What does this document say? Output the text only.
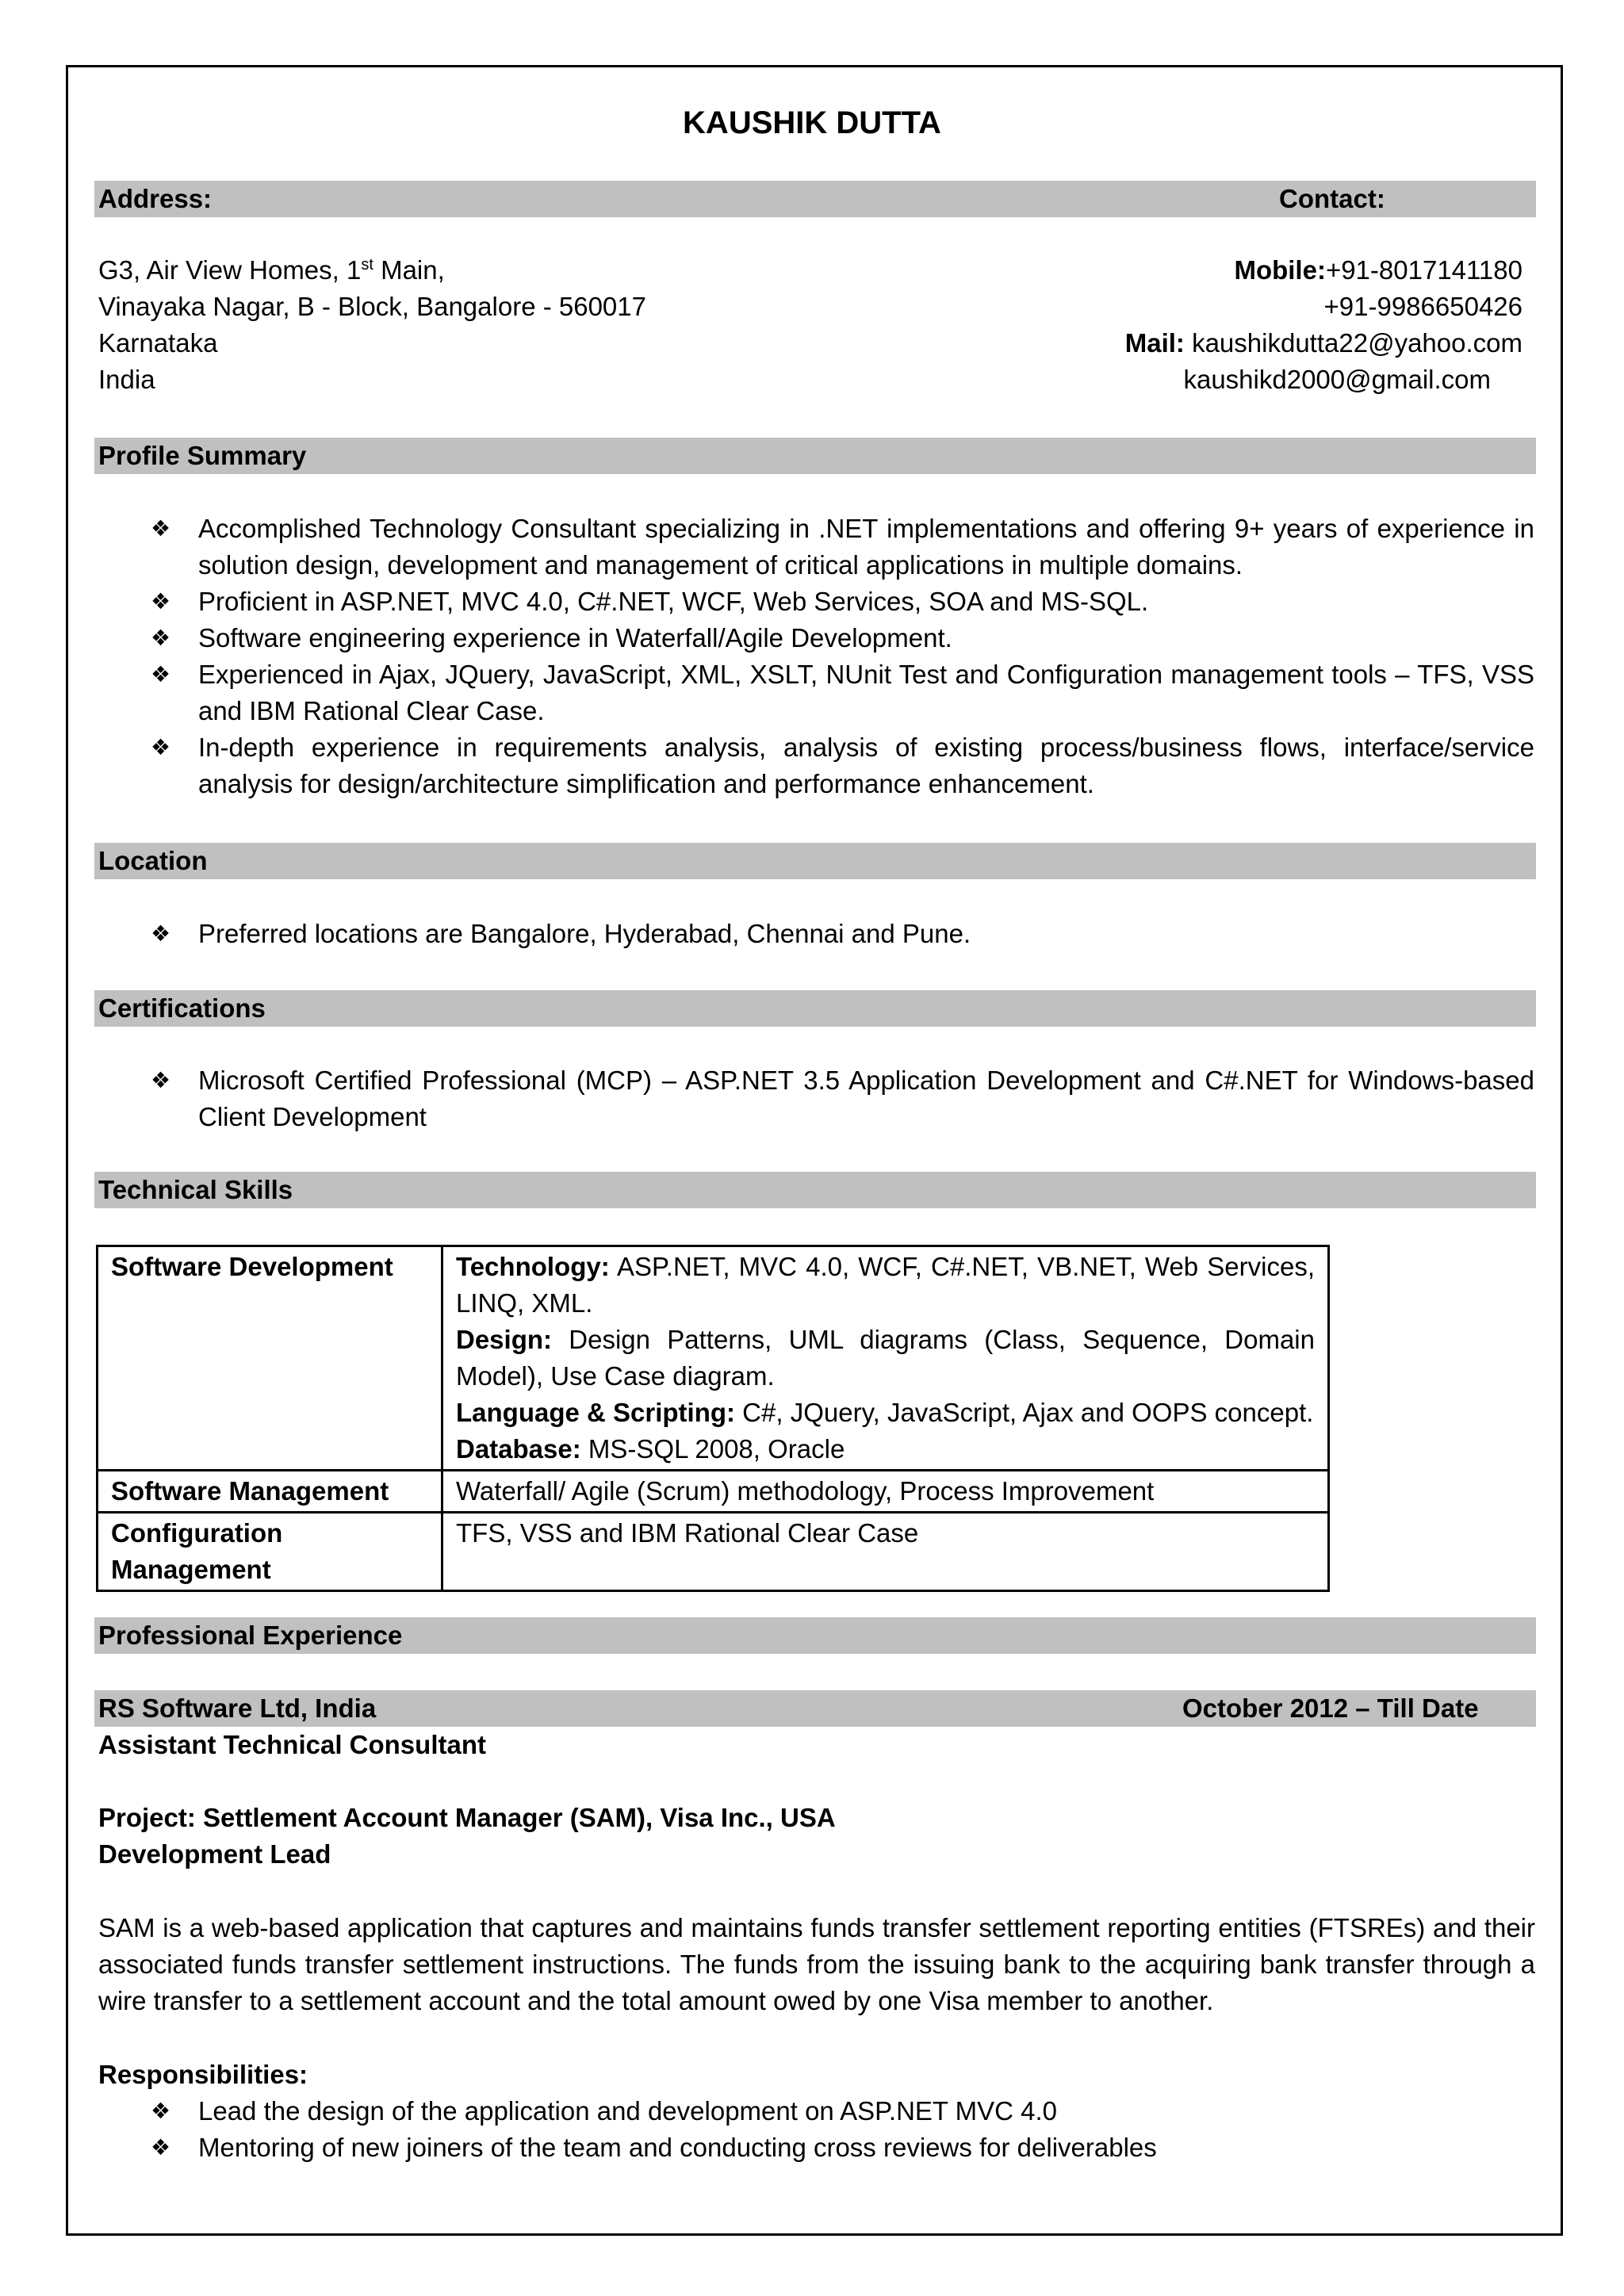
KAUSHIK DUTTA
Address:	Contact:
G3, Air View Homes, 1st Main,
Vinayaka Nagar, B - Block, Bangalore - 560017
Karnataka
India
Mobile:+91-8017141180
+91-9986650426
Mail: kaushikdutta22@yahoo.com
kaushikd2000@gmail.com
Profile Summary
❖	Accomplished Technology Consultant specializing in .NET implementations and offering 9+ years of experience in solution design, development and management of critical applications in multiple domains.
❖	Proficient in ASP.NET, MVC 4.0, C#.NET, WCF, Web Services, SOA and MS-SQL.
❖	Software engineering experience in Waterfall/Agile Development.
❖	Experienced in Ajax, JQuery, JavaScript, XML, XSLT, NUnit Test and Configuration management tools – TFS, VSS and IBM Rational Clear Case.
❖	In-depth experience in requirements analysis, analysis of existing process/business flows, interface/service analysis for design/architecture simplification and performance enhancement.
Location
❖	Preferred locations are Bangalore, Hyderabad, Chennai and Pune.
Certifications
❖	Microsoft Certified Professional (MCP) – ASP.NET 3.5 Application Development and C#.NET for Windows-based Client Development
Technical Skills
Software Development	Technology: ASP.NET, MVC 4.0, WCF, C#.NET, VB.NET, Web Services, LINQ, XML.
Design: Design Patterns, UML diagrams (Class, Sequence, Domain Model), Use Case diagram.
Language & Scripting: C#, JQuery, JavaScript, Ajax and OOPS concept.
Database: MS-SQL 2008, Oracle

Software Management	Waterfall/ Agile (Scrum) methodology, Process Improvement
Configuration Management	TFS, VSS and IBM Rational Clear Case
Professional Experience
RS Software Ltd, India	October 2012 – Till Date
Assistant Technical Consultant
Project: Settlement Account Manager (SAM), Visa Inc., USA
Development Lead
SAM is a web-based application that captures and maintains funds transfer settlement reporting entities (FTSREs) and their associated funds transfer settlement instructions. The funds from the issuing bank to the acquiring bank transfer through a wire transfer to a settlement account and the total amount owed by one Visa member to another.
Responsibilities:
❖	Lead the design of the application and development on ASP.NET MVC 4.0
❖	Mentoring of new joiners of the team and conducting cross reviews for deliverables
